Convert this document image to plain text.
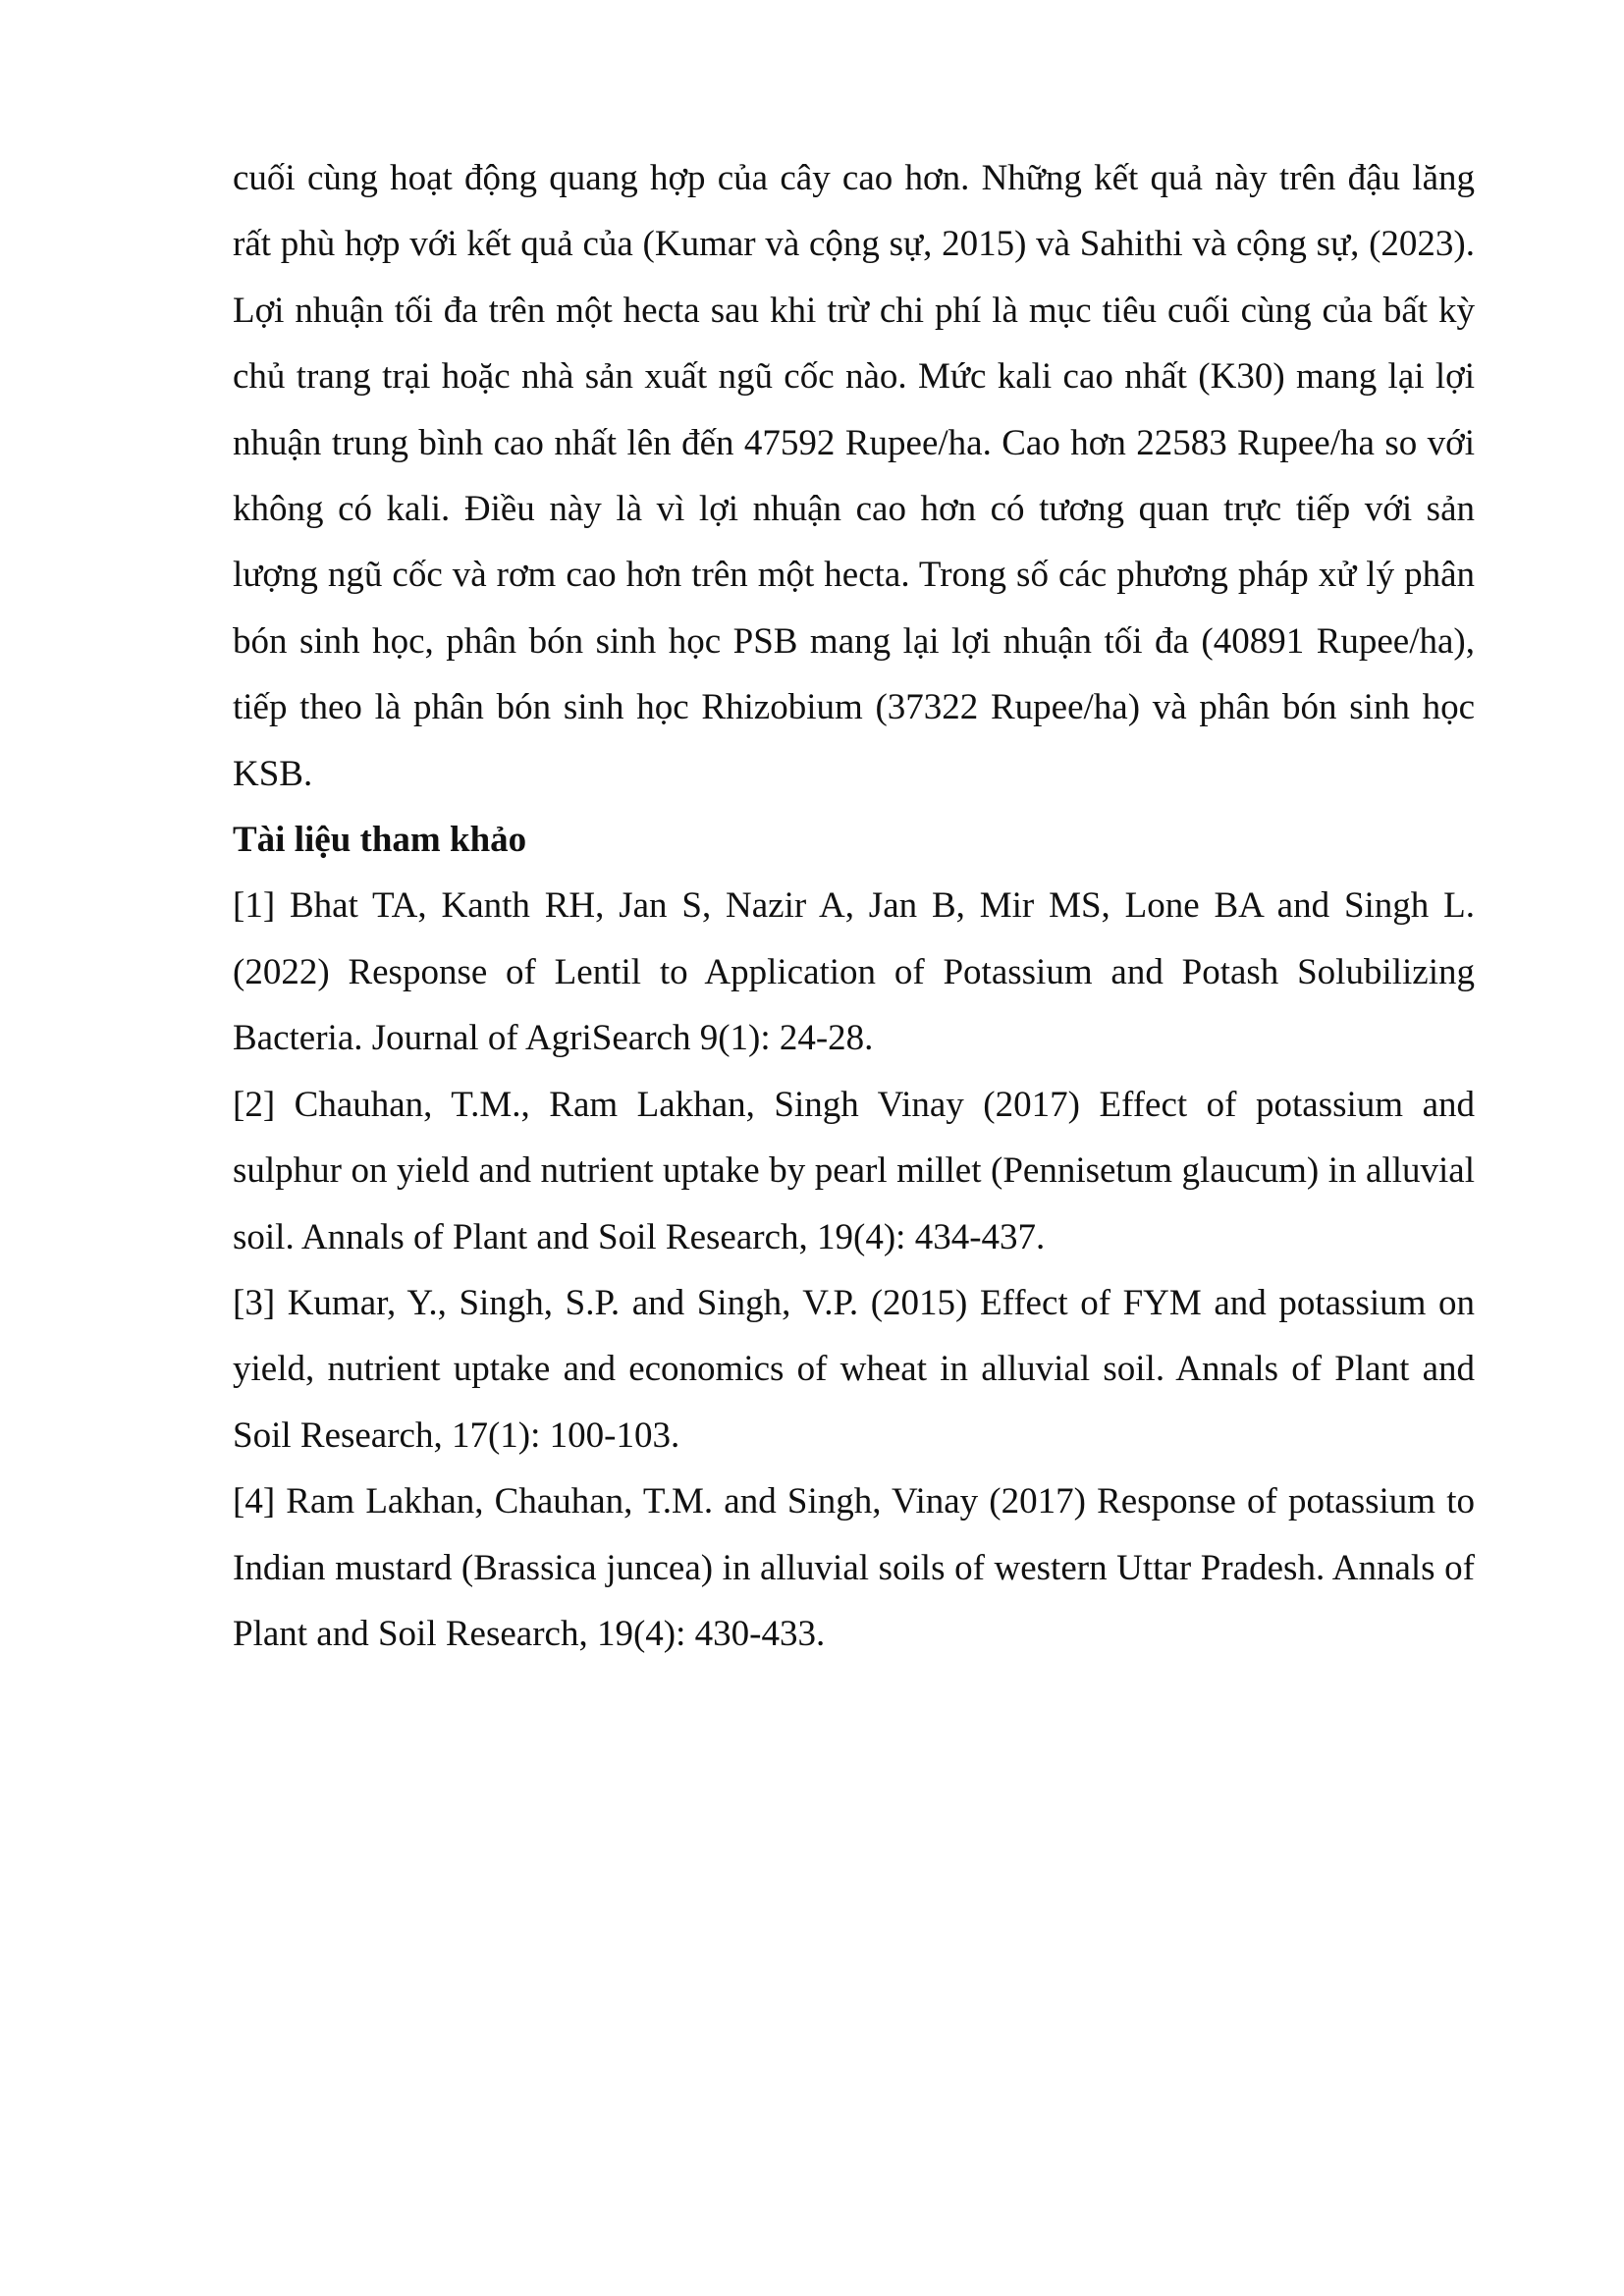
cuối cùng hoạt động quang hợp của cây cao hơn. Những kết quả này trên đậu lăng rất phù hợp với kết quả của (Kumar và cộng sự, 2015) và Sahithi và cộng sự, (2023). Lợi nhuận tối đa trên một hecta sau khi trừ chi phí là mục tiêu cuối cùng của bất kỳ chủ trang trại hoặc nhà sản xuất ngũ cốc nào. Mức kali cao nhất (K30) mang lại lợi nhuận trung bình cao nhất lên đến 47592 Rupee/ha. Cao hơn 22583 Rupee/ha so với không có kali. Điều này là vì lợi nhuận cao hơn có tương quan trực tiếp với sản lượng ngũ cốc và rơm cao hơn trên một hecta. Trong số các phương pháp xử lý phân bón sinh học, phân bón sinh học PSB mang lại lợi nhuận tối đa (40891 Rupee/ha), tiếp theo là phân bón sinh học Rhizobium (37322 Rupee/ha) và phân bón sinh học KSB.

Tài liệu tham khảo

[1] Bhat TA, Kanth RH, Jan S, Nazir A, Jan B, Mir MS, Lone BA and Singh L. (2022) Response of Lentil to Application of Potassium and Potash Solubilizing Bacteria. Journal of AgriSearch 9(1): 24-28.

[2] Chauhan, T.M., Ram Lakhan, Singh Vinay (2017) Effect of potassium and sulphur on yield and nutrient uptake by pearl millet (Pennisetum glaucum) in alluvial soil. Annals of Plant and Soil Research, 19(4): 434-437.

[3] Kumar, Y., Singh, S.P. and Singh, V.P. (2015) Effect of FYM and potassium on yield, nutrient uptake and economics of wheat in alluvial soil. Annals of Plant and Soil Research, 17(1): 100-103.

[4] Ram Lakhan, Chauhan, T.M. and Singh, Vinay (2017) Response of potassium to Indian mustard (Brassica juncea) in alluvial soils of western Uttar Pradesh. Annals of Plant and Soil Research, 19(4): 430-433.
